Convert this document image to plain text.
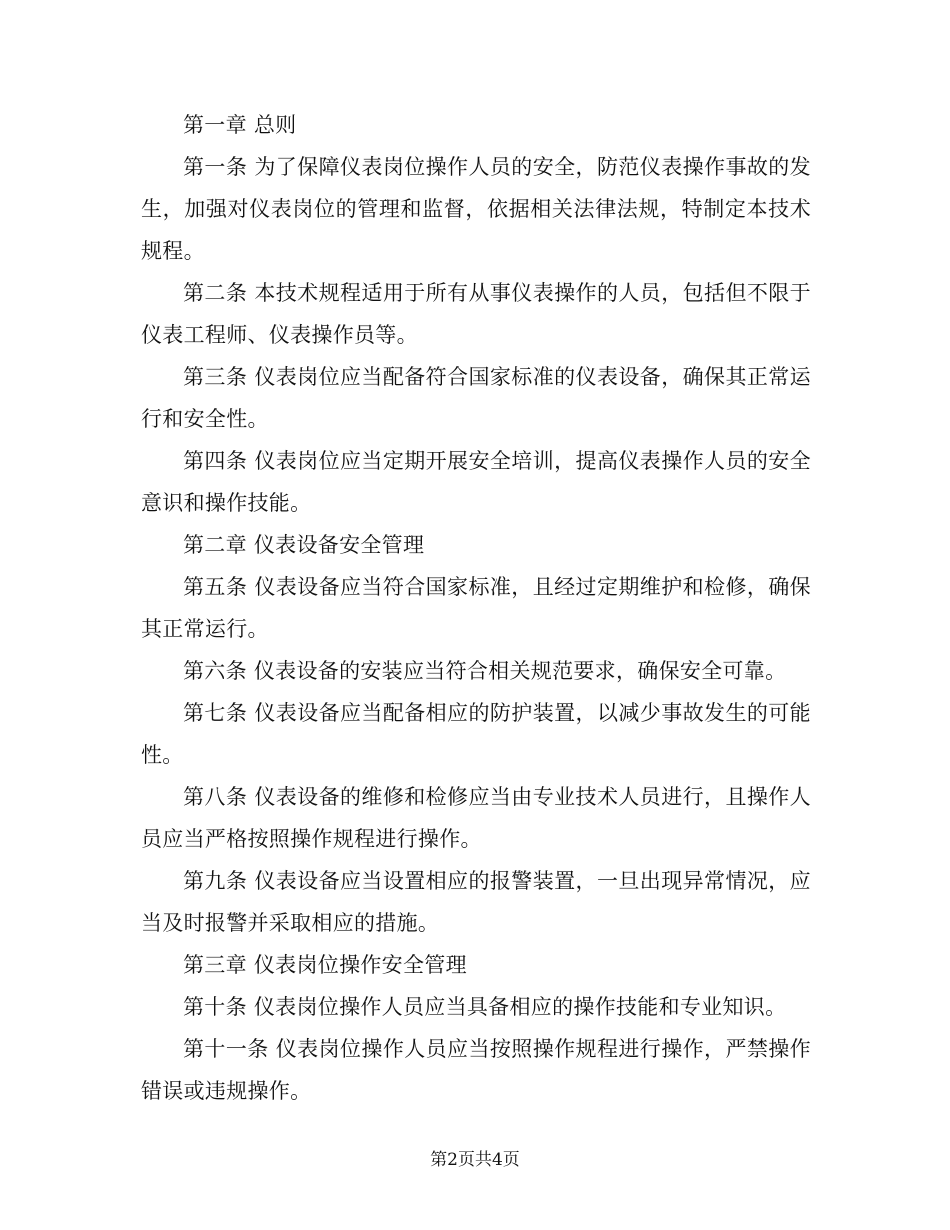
第一章 总则

第一条 为了保障仪表岗位操作人员的安全，防范仪表操作事故的发生，加强对仪表岗位的管理和监督，依据相关法律法规，特制定本技术规程。

第二条 本技术规程适用于所有从事仪表操作的人员，包括但不限于仪表工程师、仪表操作员等。

第三条 仪表岗位应当配备符合国家标准的仪表设备，确保其正常运行和安全性。

第四条 仪表岗位应当定期开展安全培训，提高仪表操作人员的安全意识和操作技能。

第二章 仪表设备安全管理

第五条 仪表设备应当符合国家标准，且经过定期维护和检修，确保其正常运行。

第六条 仪表设备的安装应当符合相关规范要求，确保安全可靠。

第七条 仪表设备应当配备相应的防护装置，以减少事故发生的可能性。

第八条 仪表设备的维修和检修应当由专业技术人员进行，且操作人员应当严格按照操作规程进行操作。

第九条 仪表设备应当设置相应的报警装置，一旦出现异常情况，应当及时报警并采取相应的措施。

第三章 仪表岗位操作安全管理

第十条 仪表岗位操作人员应当具备相应的操作技能和专业知识。

第十一条 仪表岗位操作人员应当按照操作规程进行操作，严禁操作错误或违规操作。

第2页共4页
